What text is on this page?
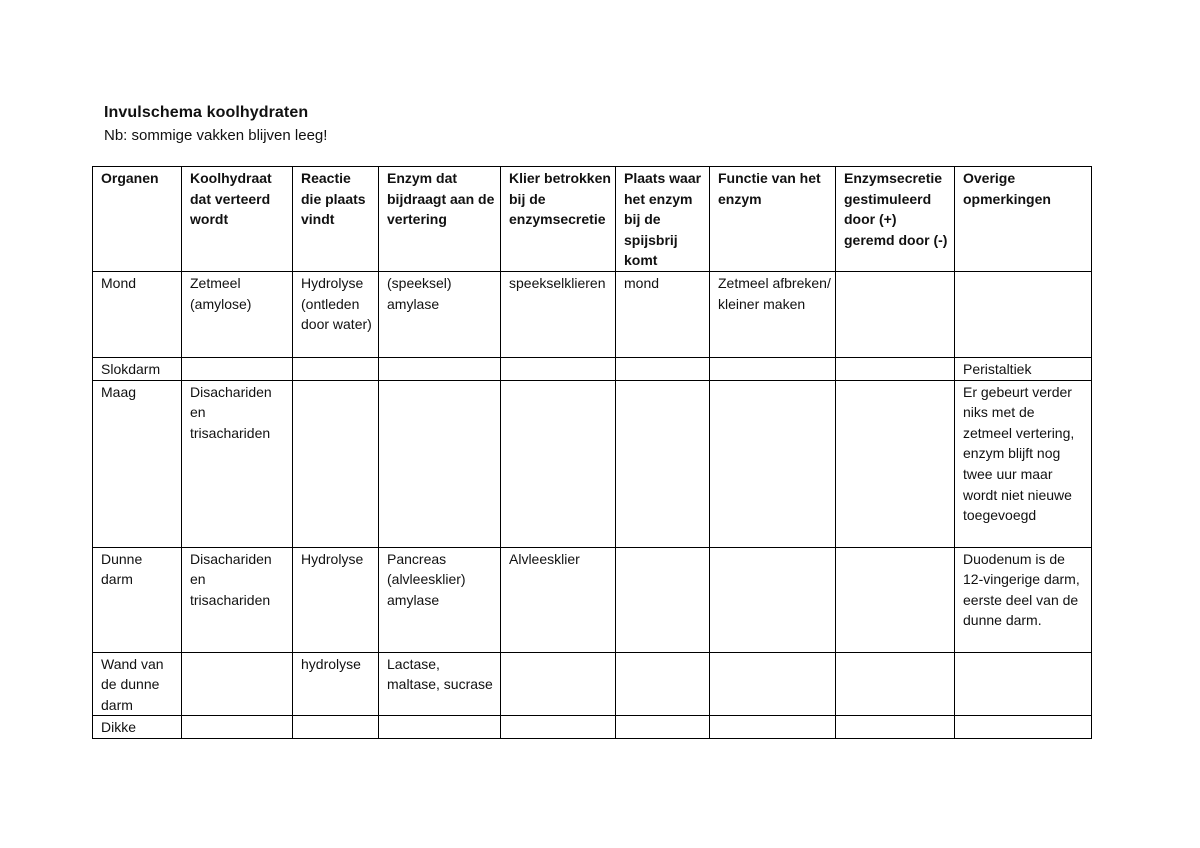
Invulschema koolhydraten
Nb: sommige vakken blijven leeg!
Organen	Koolhydraat dat verteerd wordt	Reactie die plaats vindt	Enzym dat bijdraagt aan de vertering	Klier betrokken bij de enzymsecretie	Plaats waar het enzym bij de spijsbrij komt	Functie van het enzym	Enzymsecretie gestimuleerd door (+) geremd door (-)	Overige opmerkingen
Mond	Zetmeel (amylose)	Hydrolyse (ontleden door water)	(speeksel) amylase	speekselklieren	mond	Zetmeel afbreken/ kleiner maken		
Slokdarm								Peristaltiek
Maag	Disachariden en trisachariden							Er gebeurt verder niks met de zetmeel vertering, enzym blijft nog twee uur maar wordt niet nieuwe toegevoegd
Dunne darm	Disachariden en trisachariden	Hydrolyse	Pancreas (alvleesklier) amylase	Alvleesklier				Duodenum is de 12-vingerige darm, eerste deel van de dunne darm.
Wand van de dunne darm		hydrolyse	Lactase, maltase, sucrase					
Dikke								
